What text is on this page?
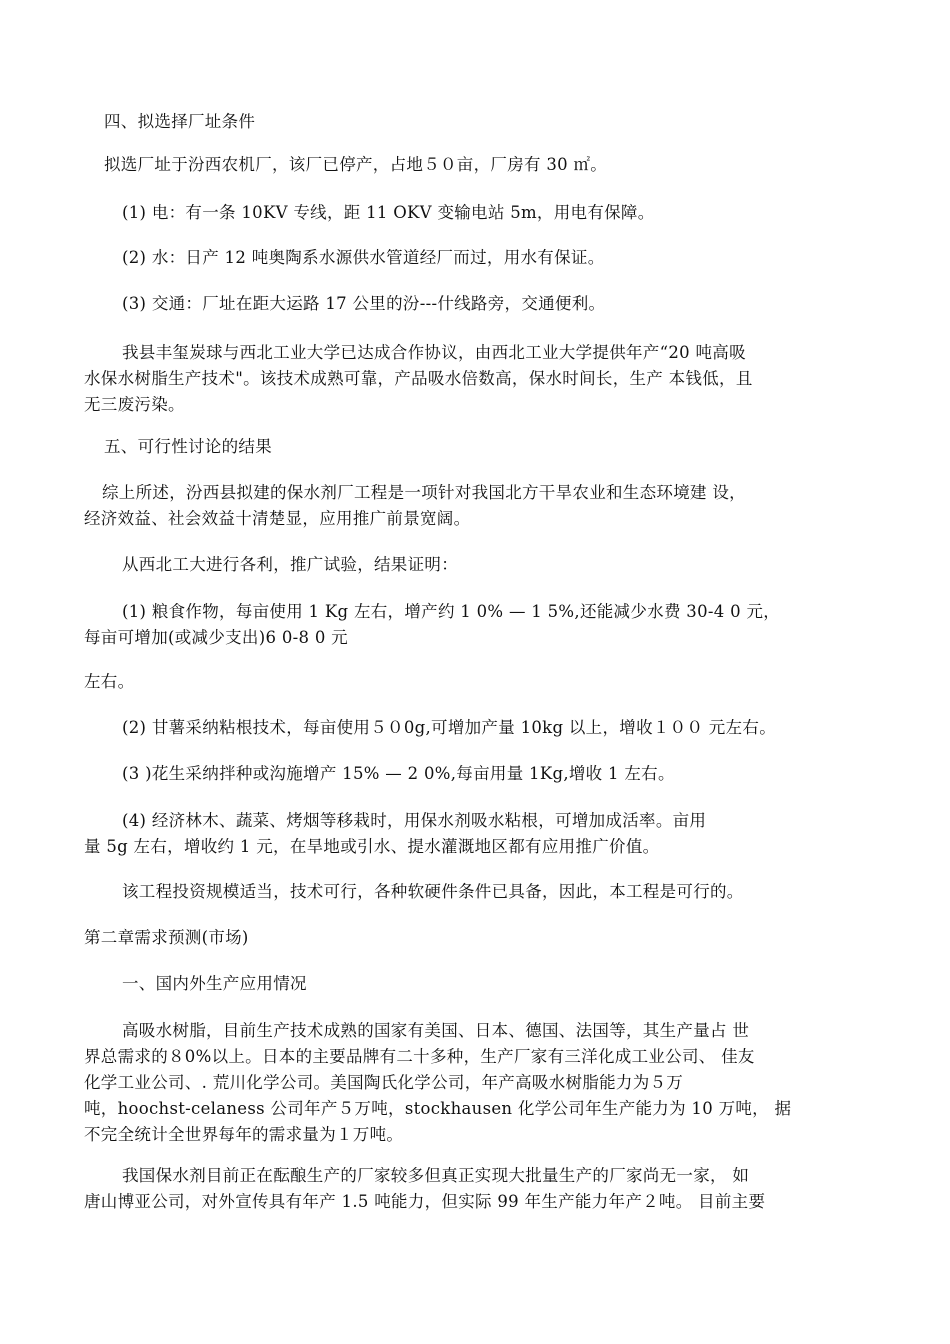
四、拟选择厂址条件
拟选厂址于汾西农机厂，该厂已停产，占地５０亩，厂房有 30 ㎡。
(1) 电：有一条 10KV 专线，距 11 OKV 变输电站 5m，用电有保障。
(2) 水：日产 12 吨奥陶系水源供水管道经厂而过，用水有保证。
(3) 交通：厂址在距大运路 17 公里的汾---什线路旁，交通便利。
我县丰玺炭球与西北工业大学已达成合作协议，由西北工业大学提供年产“20 吨高吸
水保水树脂生产技术"。该技术成熟可靠，产品吸水倍数高，保水时间长，生产 本钱低，且
无三废污染。
五、可行性讨论的结果
综上所述，汾西县拟建的保水剂厂工程是一项针对我国北方干旱农业和生态环境建 设，
经济效益、社会效益十清楚显，应用推广前景宽阔。
从西北工大进行各利，推广试验，结果证明：
(1) 粮食作物，每亩使用 1 Kg 左右，增产约 1 0% — 1 5%,还能减少水费 30-4 0 元，
每亩可增加(或减少支出)6 0-8 0 元
左右。
(2) 甘薯采纳粘根技术，每亩使用５０0g,可增加产量 10kg 以上，增收１００ 元左右。
(3 )花生采纳拌种或沟施增产 15% — 2 0%,每亩用量 1Kg,增收 1 左右。
(4) 经济林木、蔬菜、烤烟等移栽时，用保水剂吸水粘根，可增加成活率。亩用
量 5g 左右，增收约 1 元，在旱地或引水、提水灌溉地区都有应用推广价值。
该工程投资规模适当，技术可行，各种软硬件条件已具备，因此，本工程是可行的。
第二章需求预测(市场)
一、国内外生产应用情况
高吸水树脂，目前生产技术成熟的国家有美国、日本、德国、法国等，其生产量占 世
界总需求的８0%以上。日本的主要品牌有二十多种，生产厂家有三洋化成工业公司、 佳友
化学工业公司、. 荒川化学公司。美国陶氏化学公司，年产高吸水树脂能力为５万
吨，hoochst-celaness 公司年产５万吨，stockhausen 化学公司年生产能力为 10 万吨， 据
不完全统计全世界每年的需求量为１万吨。
我国保水剂目前正在酝酿生产的厂家较多但真正实现大批量生产的厂家尚无一家， 如
唐山博亚公司，对外宣传具有年产 1.5 吨能力，但实际 99 年生产能力年产２吨。 目前主要
